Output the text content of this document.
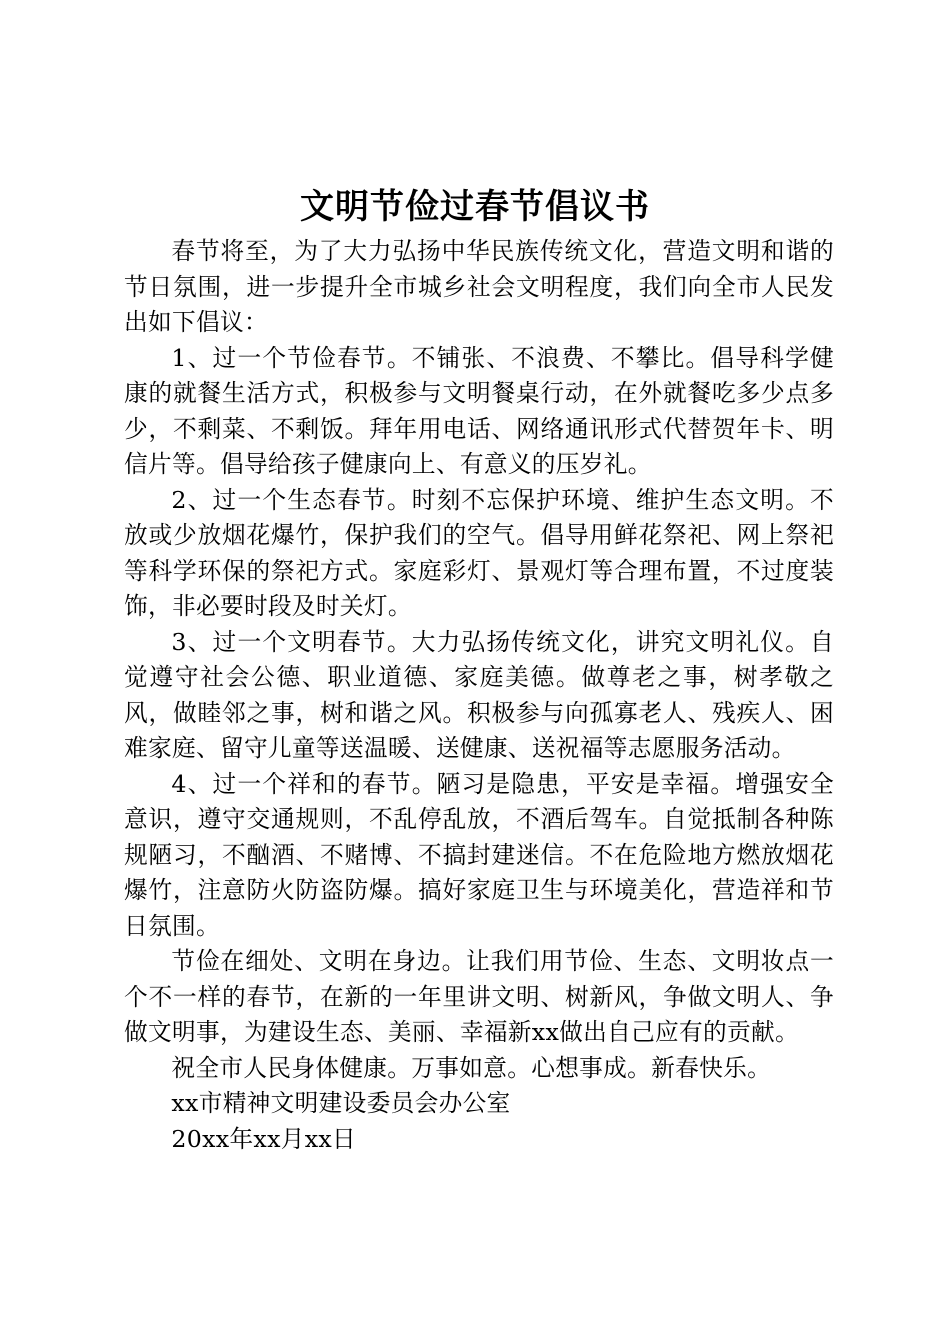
文明节俭过春节倡议书

春节将至，为了大力弘扬中华民族传统文化，营造文明和谐的节日氛围，进一步提升全市城乡社会文明程度，我们向全市人民发出如下倡议：

1、过一个节俭春节。不铺张、不浪费、不攀比。倡导科学健康的就餐生活方式，积极参与文明餐桌行动，在外就餐吃多少点多少，不剩菜、不剩饭。拜年用电话、网络通讯形式代替贺年卡、明信片等。倡导给孩子健康向上、有意义的压岁礼。

2、过一个生态春节。时刻不忘保护环境、维护生态文明。不放或少放烟花爆竹，保护我们的空气。倡导用鲜花祭祀、网上祭祀等科学环保的祭祀方式。家庭彩灯、景观灯等合理布置，不过度装饰，非必要时段及时关灯。

3、过一个文明春节。大力弘扬传统文化，讲究文明礼仪。自觉遵守社会公德、职业道德、家庭美德。做尊老之事，树孝敬之风，做睦邻之事，树和谐之风。积极参与向孤寡老人、残疾人、困难家庭、留守儿童等送温暖、送健康、送祝福等志愿服务活动。

4、过一个祥和的春节。陋习是隐患，平安是幸福。增强安全意识，遵守交通规则，不乱停乱放，不酒后驾车。自觉抵制各种陈规陋习，不酗酒、不赌博、不搞封建迷信。不在危险地方燃放烟花爆竹，注意防火防盗防爆。搞好家庭卫生与环境美化，营造祥和节日氛围。

节俭在细处、文明在身边。让我们用节俭、生态、文明妆点一个不一样的春节，在新的一年里讲文明、树新风，争做文明人、争做文明事，为建设生态、美丽、幸福新xx做出自己应有的贡献。

祝全市人民身体健康。万事如意。心想事成。新春快乐。

xx市精神文明建设委员会办公室

20xx年xx月xx日
